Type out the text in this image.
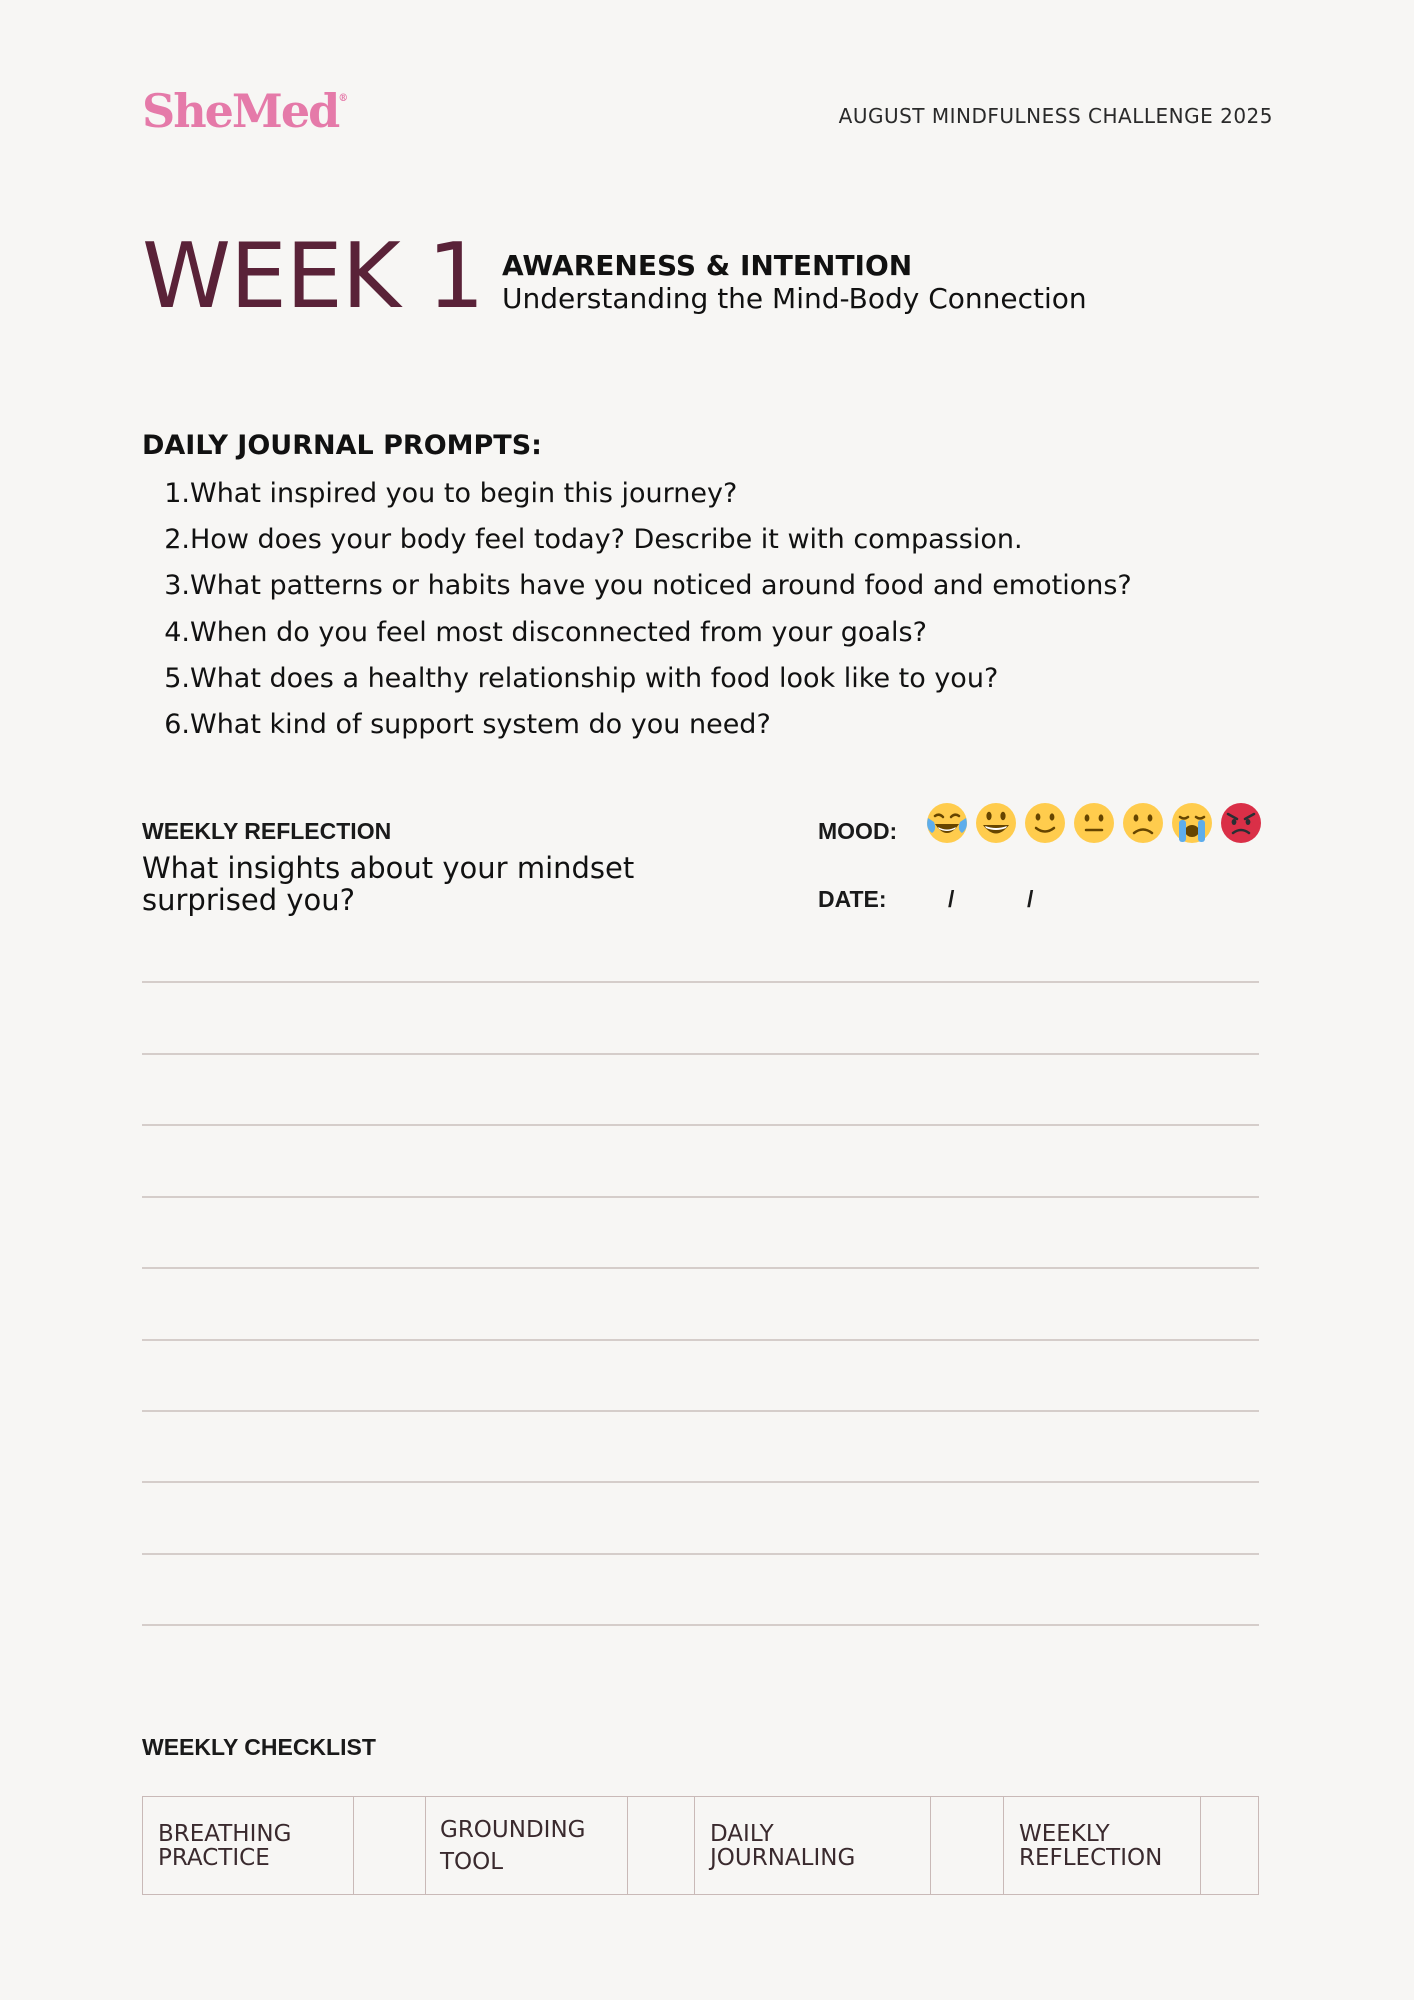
SheMed®
AUGUST MINDFULNESS CHALLENGE 2025
WEEK 1 AWARENESS & INTENTION
Understanding the Mind-Body Connection
DAILY JOURNAL PROMPTS:
1. What inspired you to begin this journey?
2. How does your body feel today? Describe it with compassion.
3. What patterns or habits have you noticed around food and emotions?
4. When do you feel most disconnected from your goals?
5. What does a healthy relationship with food look like to you?
6. What kind of support system do you need?
WEEKLY REFLECTION
What insights about your mindset surprised you?
MOOD:
DATE:	/	/
WEEKLY CHECKLIST
BREATHING
PRACTICE
GROUNDING
TOOL
DAILY
JOURNALING
WEEKLY
REFLECTION
